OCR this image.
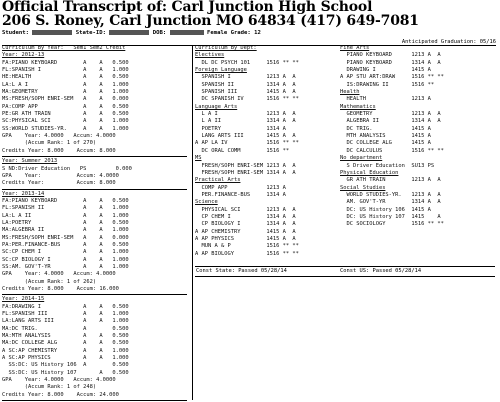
Official Transcript of: Carl Junction High School
206 S. Roney, Carl Junction MO 64834 (417) 649-7081
Student:	State-ID:	DOB:	Female Grade: 12
Anticipated Graduation: 05/16
Curriculum By Year:   Sem1 Sem2 Credit
Year: 2012-13
FA:PIANO KEYBOARD        A    A   0.500
FL:SPANISH I             A    A   1.000
HE:HEALTH                A    A   0.500
LA:L A I                 A    A   1.000
MA:GEOMETRY              A    A   1.000
MS:FRESH/SOPH ENRI-SEM   A    A   0.000
PA:COMP APP              A    A   0.500
PE:GR ATH TRAIN          A    A   0.500
SC:PHYSICAL SCI          A    A   1.000
SS:WORLD STUDIES-YR.     A    A   1.000
GPA    Year: 4.0000   Accum: 4.0000
(Accum Rank: 1 of 270)
Credits Year: 8.000    Accum: 8.000
Year: Summer 2013
S ND:Driver Education   PS         0.000
GPA    Year:           Accum: 4.0000
Credits Year:          Accum: 8.000
Year: 2013-14
FA:PIANO KEYBOARD        A    A   0.500
FL:SPANISH II            A    A   1.000
LA:L A II                A    A   1.000
LA:POETRY                A    A   0.500
MA:ALGEBRA II            A    A   1.000
MS:FRESH/SOPH ENRI-SEM   A    A   0.000
PA:PER.FINANCE-BUS       A    A   0.500
SC:CP CHEM I             A    A   1.000
SC:CP BIOLOGY I          A    A   1.000
SS:AM. GOV'T-YR          A    A   1.000
GPA    Year: 4.0000   Accum: 4.0000
(Accum Rank: 1 of 262)
Credits Year: 8.000    Accum: 16.000
Year: 2014-15
FA:DRAWING I             A    A   0.500
FL:SPANISH III           A    A   1.000
LA:LANG ARTS III         A    A   1.000
MA:DC TRIG.              A        0.500
MA:MTH ANALYSIS          A    A   0.500
MA:DC COLLEGE ALG        A    A   0.500
A SC:AP CHEMISTRY        A    A   1.000
A SC:AP PHYSICS          A    A   1.000
SS:DC: US History 106  A        0.500
SS:DC: US History 107       A   0.500
GPA    Year: 4.0000   Accum: 4.0000
(Accum Rank: 1 of 248)
Credits Year: 8.000    Accum: 24.000
Curriculum By Dept:
Electives
DL DC PSYCH 101     1516 ** **
Foreign Language
SPANISH I           1213 A  A
SPANISH II          1314 A  A
SPANISH III         1415 A  A
DC SPANISH IV       1516 ** **
Language Arts
L A I               1213 A  A
L A II              1314 A  A
POETRY              1314 A
LANG ARTS III       1415 A  A
A AP LA IV            1516 ** **
DC ORAL COMM        1516 **
MS
FRESH/SOPH ENRI-SEM 1213 A  A
FRESH/SOPH ENRI-SEM 1314 A  A
Practical Arts
COMP APP            1213 A
PER.FINANCE-BUS     1314 A
Science
PHYSICAL SCI        1213 A  A
CP CHEM I           1314 A  A
CP BIOLOGY I        1314 A  A
A AP CHEMISTRY        1415 A  A
A AP PHYSICS          1415 A  A
MUN A & P           1516 ** **
A AP BIOLOGY          1516 ** **
Fine Arts
PIANO KEYBOARD      1213 A  A
PIANO KEYBOARD      1314 A  A
DRAWING I           1415 A
A AP STU ART:DRAW     1516 ** **
IS:DRAWING II       1516 **
Health
HEALTH              1213 A
Mathematics
GEOMETRY            1213 A  A
ALGEBRA II          1314 A  A
DC TRIG.            1415 A
MTH ANALYSIS        1415 A
DC COLLEGE ALG      1415 A
DC CALCULUS         1516 ** **
No department
S Driver Education  SU13 PS
Physical Education
GR ATH TRAIN        1213 A  A
Social Studies
WORLD STUDIES-YR.   1213 A  A
AM. GOV'T-YR        1314 A  A
DC: US History 106  1415 A
DC: US History 107  1415    A
DC SOCIOLOGY        1516 ** **
Const State: Passed 05/28/14	Const US: Passed 05/28/14
